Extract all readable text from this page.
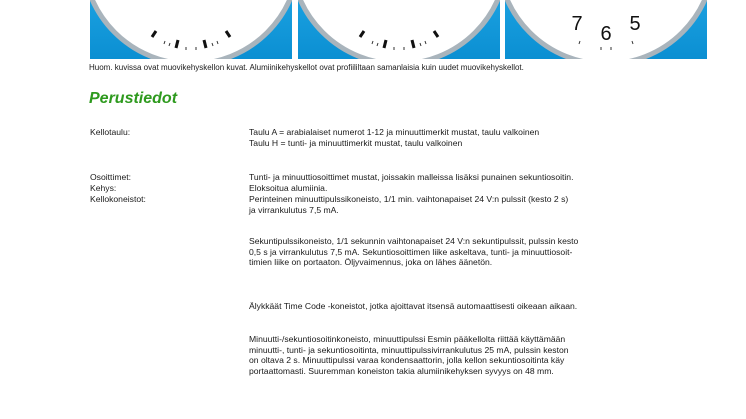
7 6 5
Huom. kuvissa ovat muovikehyskellon kuvat. Alumiinikehyskellot ovat profiililtaan samanlaisia kuin uudet muovikehyskellot.
Perustiedot
Kellotaulu:	Taulu A = arabialaiset numerot 1-12 ja minuuttimerkit mustat, taulu valkoinen

Taulu H = tunti- ja minuuttimerkit mustat, taulu valkoinen

Osoittimet:	Tunti- ja minuuttiosoittimet mustat, joissakin malleissa lisäksi punainen sekuntiosoitin.
Kehys:	Eloksoitua alumiinia.
Kellokoneistot:	Perinteinen minuuttipulssikoneisto, 1/1 min. vaihtonapaiset 24 V:n pulssit (kesto 2 s)

ja virrankulutus 7,5 mA.

Sekuntipulssikoneisto, 1/1 sekunnin vaihtonapaiset 24 V:n sekuntipulssit, pulssin kesto

0,5 s ja virrankulutus 7,5 mA. Sekuntiosoittimen liike askeltava, tunti- ja minuuttiosoit-

timien liike on portaaton. Öljyvaimennus, joka on lähes äänetön.

Älykkäät Time Code -koneistot, jotka ajoittavat itsensä automaattisesti oikeaan aikaan.

Minuutti-/sekuntiosoitinkoneisto, minuuttipulssi Esmin pääkellolta riittää käyttämään

minuutti-, tunti- ja sekuntiosoitinta, minuuttipulssivirrankulutus 25 mA, pulssin keston

on oltava 2 s. Minuuttipulssi varaa kondensaattorin, jolla kellon sekuntiosoitinta käy

portaattomasti. Suuremman koneiston takia alumiinikehyksen syvyys on 48 mm.
